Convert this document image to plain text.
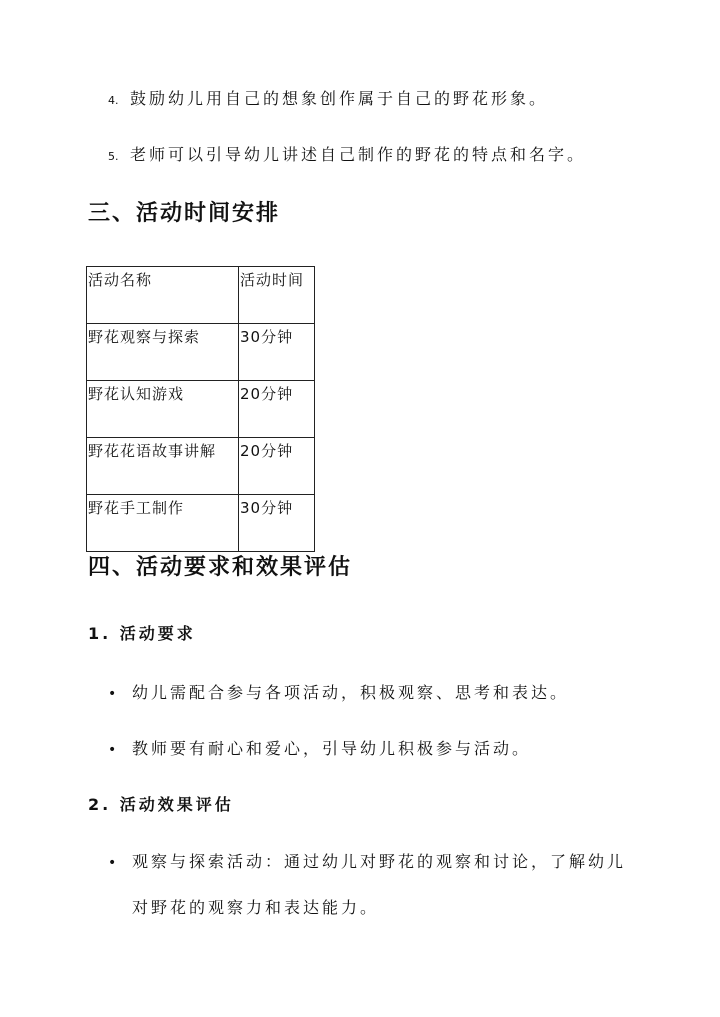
4. 鼓励幼儿用自己的想象创作属于自己的野花形象。
5. 老师可以引导幼儿讲述自己制作的野花的特点和名字。
三、活动时间安排
活动名称	活动时间
野花观察与探索	30分钟
野花认知游戏	20分钟
野花花语故事讲解	20分钟
野花手工制作	30分钟
四、活动要求和效果评估
1. 活动要求
• 幼儿需配合参与各项活动，积极观察、思考和表达。
• 教师要有耐心和爱心，引导幼儿积极参与活动。
2. 活动效果评估
• 观察与探索活动：通过幼儿对野花的观察和讨论，了解幼儿
对野花的观察力和表达能力。
